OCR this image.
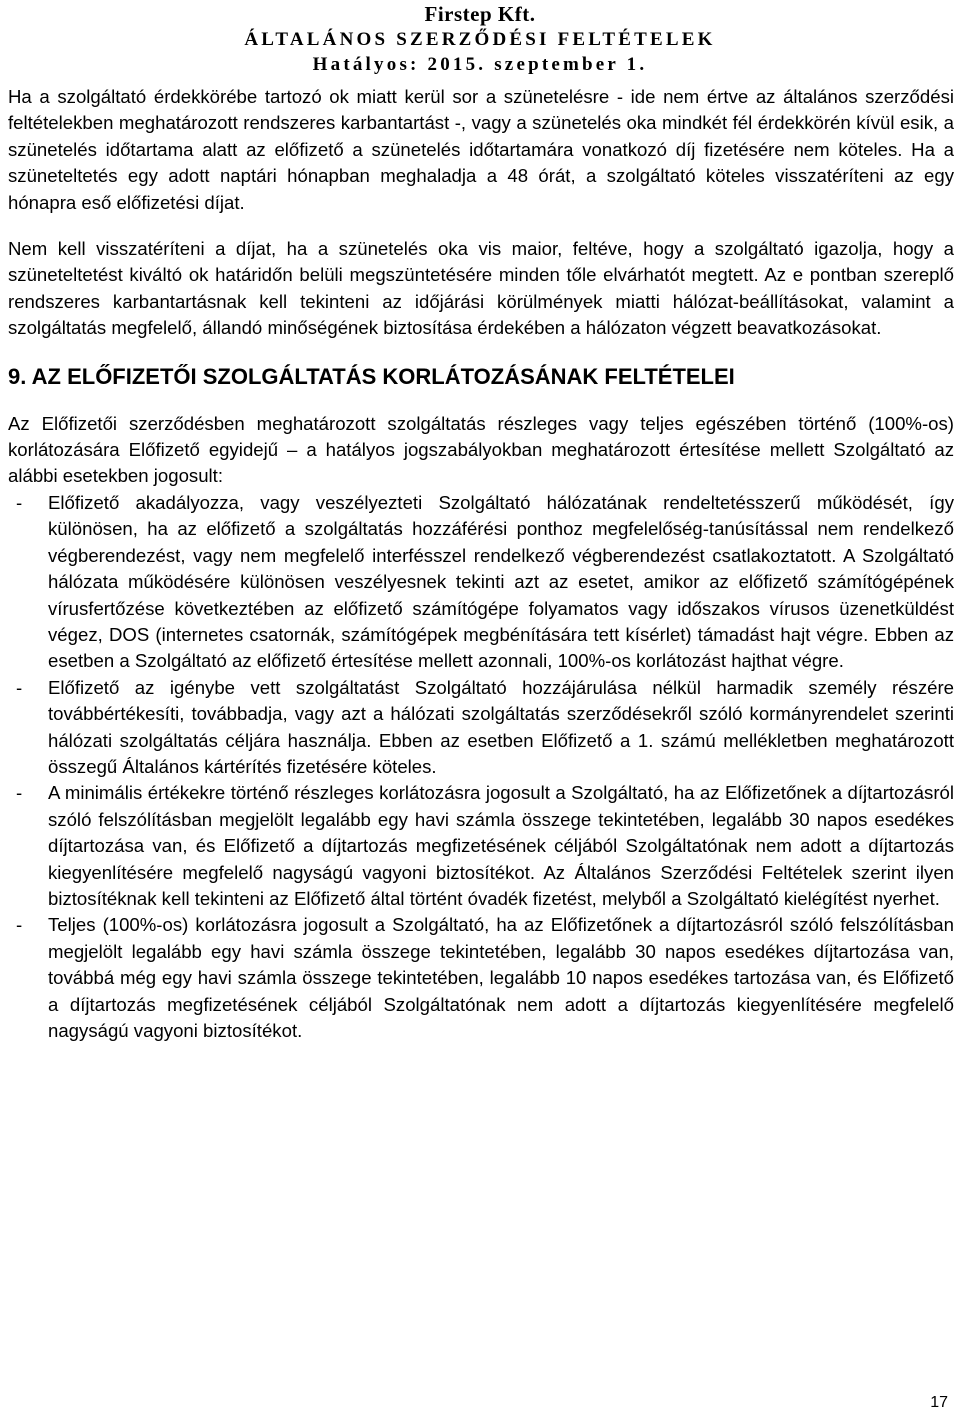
Firstep Kft.
ÁLTALÁNOS SZERZŐDÉSI FELTÉTELEK
Hatályos: 2015. szeptember 1.

Ha a szolgáltató érdekkörébe tartozó ok miatt kerül sor a szünetelésre - ide nem értve az általános szerződési feltételekben meghatározott rendszeres karbantartást -, vagy a szünetelés oka mindkét fél érdekkörén kívül esik, a szünetelés időtartama alatt az előfizető a szünetelés időtartamára vonatkozó díj fizetésére nem köteles. Ha a szüneteltetés egy adott naptári hónapban meghaladja a 48 órát, a szolgáltató köteles visszatéríteni az egy hónapra eső előfizetési díjat.

Nem kell visszatéríteni a díjat, ha a szünetelés oka vis maior, feltéve, hogy a szolgáltató igazolja, hogy a szüneteltetést kiváltó ok határidőn belüli megszüntetésére minden tőle elvárhatót megtett. Az e pontban szereplő rendszeres karbantartásnak kell tekinteni az időjárási körülmények miatti hálózat-beállításokat, valamint a szolgáltatás megfelelő, állandó minőségének biztosítása érdekében a hálózaton végzett beavatkozásokat.

9. AZ ELŐFIZETŐI SZOLGÁLTATÁS KORLÁTOZÁSÁNAK FELTÉTELEI

Az Előfizetői szerződésben meghatározott szolgáltatás részleges vagy teljes egészében történő (100%-os) korlátozására Előfizető egyidejű – a hatályos jogszabályokban meghatározott értesítése mellett Szolgáltató az alábbi esetekben jogosult:

-	Előfizető akadályozza, vagy veszélyezteti Szolgáltató hálózatának rendeltetésszerű működését, így különösen, ha az előfizető a szolgáltatás hozzáférési ponthoz megfelelőség-tanúsítással nem rendelkező végberendezést, vagy nem megfelelő interfésszel rendelkező végberendezést csatlakoztatott. A Szolgáltató hálózata működésére különösen veszélyesnek tekinti azt az esetet, amikor az előfizető számítógépének vírusfertőzése következtében az előfizető számítógépe folyamatos vagy időszakos vírusos üzenetküldést végez, DOS (internetes csatornák, számítógépek megbénítására tett kísérlet) támadást hajt végre. Ebben az esetben a Szolgáltató az előfizető értesítése mellett azonnali, 100%-os korlátozást hajthat végre.
-	Előfizető az igénybe vett szolgáltatást Szolgáltató hozzájárulása nélkül harmadik személy részére továbbértékesíti, továbbadja, vagy azt a hálózati szolgáltatás szerződésekről szóló kormányrendelet szerinti hálózati szolgáltatás céljára használja. Ebben az esetben Előfizető a 1. számú mellékletben meghatározott összegű Általános kártérítés fizetésére köteles.
-	A minimális értékekre történő részleges korlátozásra jogosult a Szolgáltató, ha az Előfizetőnek a díjtartozásról szóló felszólításban megjelölt legalább egy havi számla összege tekintetében, legalább 30 napos esedékes díjtartozása van, és Előfizető a díjtartozás megfizetésének céljából Szolgáltatónak nem adott a díjtartozás kiegyenlítésére megfelelő nagyságú vagyoni biztosítékot. Az Általános Szerződési Feltételek szerint ilyen biztosítéknak kell tekinteni az Előfizető által történt óvadék fizetést, melyből a Szolgáltató kielégítést nyerhet.
-	Teljes (100%-os) korlátozásra jogosult a Szolgáltató, ha az Előfizetőnek a díjtartozásról szóló felszólításban megjelölt legalább egy havi számla összege tekintetében, legalább 30 napos esedékes díjtartozása van, továbbá még egy havi számla összege tekintetében, legalább 10 napos esedékes tartozása van, és Előfizető a díjtartozás megfizetésének céljából Szolgáltatónak nem adott a díjtartozás kiegyenlítésére megfelelő nagyságú vagyoni biztosítékot.
17
